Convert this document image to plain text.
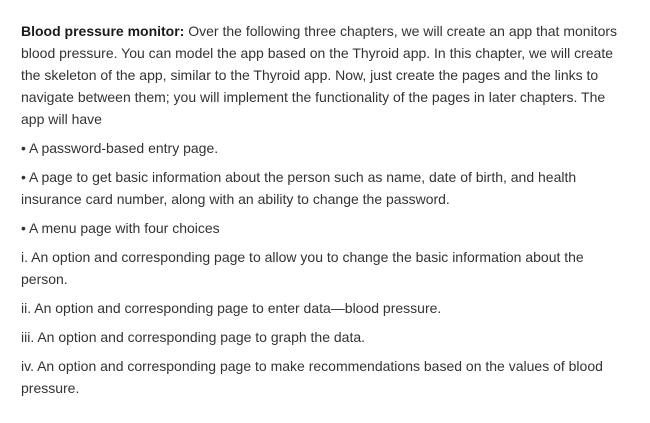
Blood pressure monitor: Over the following three chapters, we will create an app that monitors blood pressure. You can model the app based on the Thyroid app. In this chapter, we will create the skeleton of the app, similar to the Thyroid app. Now, just create the pages and the links to navigate between them; you will implement the functionality of the pages in later chapters. The app will have

• A password-based entry page.

• A page to get basic information about the person such as name, date of birth, and health insurance card number, along with an ability to change the password.

• A menu page with four choices

i. An option and corresponding page to allow you to change the basic information about the person.

ii. An option and corresponding page to enter data—blood pressure.

iii. An option and corresponding page to graph the data.

iv. An option and corresponding page to make recommendations based on the values of blood pressure.
